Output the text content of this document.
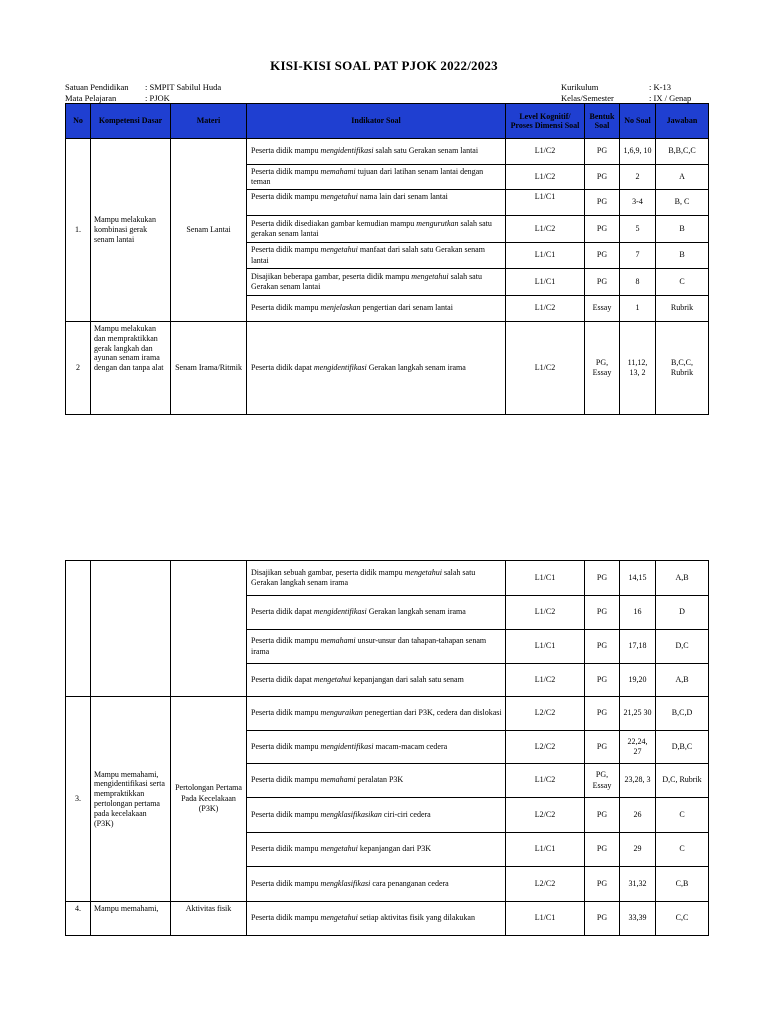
KISI-KISI SOAL PAT PJOK 2022/2023
Satuan Pendidikan : SMPIT Sabilul Huda
Mata Pelajaran	: PJOK
Kurikulum	: K-13
Kelas/Semester	: IX / Genap
No	Kompetensi Dasar	Materi	Indikator Soal	Level Kognitif/ Proses Dimensi Soal	Bentuk Soal	No Soal	Jawaban
1.	Mampu melakukan kombinasi gerak senam lantai	Senam Lantai	Peserta didik mampu mengidentifikasi salah satu Gerakan senam lantai	L1/C2	PG	1,6,9, 10	B,B,C,C
			Peserta didik mampu memahami tujuan dari latihan senam lantai dengan teman	L1/C2	PG	2	A
			Peserta didik mampu mengetahui nama lain dari senam lantai	L1/C1	PG	3-4	B, C
			Peserta didik disediakan gambar kemudian mampu mengurutkan salah satu gerakan senam lantai	L1/C2	PG	5	B
			Peserta didik mampu mengetahui manfaat dari salah satu Gerakan senam lantai	L1/C1	PG	7	B
			Disajikan beberapa gambar, peserta didik mampu mengetahui salah satu Gerakan senam lantai	L1/C1	PG	8	C
			Peserta didik mampu menjelaskan pengertian dari senam lantai	L1/C2	Essay	1	Rubrik
2	Mampu melakukan dan mempraktikkan gerak langkah dan ayunan senam irama dengan dan tanpa alat	Senam Irama/Ritmik	Peserta didik dapat mengidentifikasi Gerakan langkah senam irama	L1/C2	PG, Essay	11,12, 13, 2	B,C,C, Rubrik
			Disajikan sebuah gambar, peserta didik mampu mengetahui salah satu Gerakan langkah senam irama	L1/C1	PG	14,15	A,B
			Peserta didik dapat mengidentifikasi Gerakan langkah senam irama	L1/C2	PG	16	D
			Peserta didik mampu memahami unsur-unsur dan tahapan-tahapan senam irama	L1/C1	PG	17,18	D,C
			Peserta didik dapat mengetahui kepanjangan dari salah satu senam	L1/C2	PG	19,20	A,B
3.	Mampu memahami, mengidentifikasi serta mempraktikkan pertolongan pertama pada kecelakaan (P3K)	Pertolongan Pertama Pada Kecelakaan (P3K)	Peserta didik mampu menguraikan penegertian dari P3K, cedera dan dislokasi	L2/C2	PG	21,25 30	B,C,D
			Peserta didik mampu mengidentifikasi macam-macam cedera	L2/C2	PG	22,24, 27	D,B,C
			Peserta didik mampu memahami peralatan P3K	L1/C2	PG, Essay	23,28, 3	D,C, Rubrik
			Peserta didik mampu mengklasifikasikan ciri-ciri cedera	L2/C2	PG	26	C
			Peserta didik mampu mengetahui kepanjangan dari P3K	L1/C1	PG	29	C
			Peserta didik mampu mengklasifikasi cara penanganan cedera	L2/C2	PG	31,32	C,B
4.	Mampu memahami,	Aktivitas fisik	Peserta didik mampu mengetahui setiap aktivitas fisik yang dilakukan	L1/C1	PG	33,39	C,C
